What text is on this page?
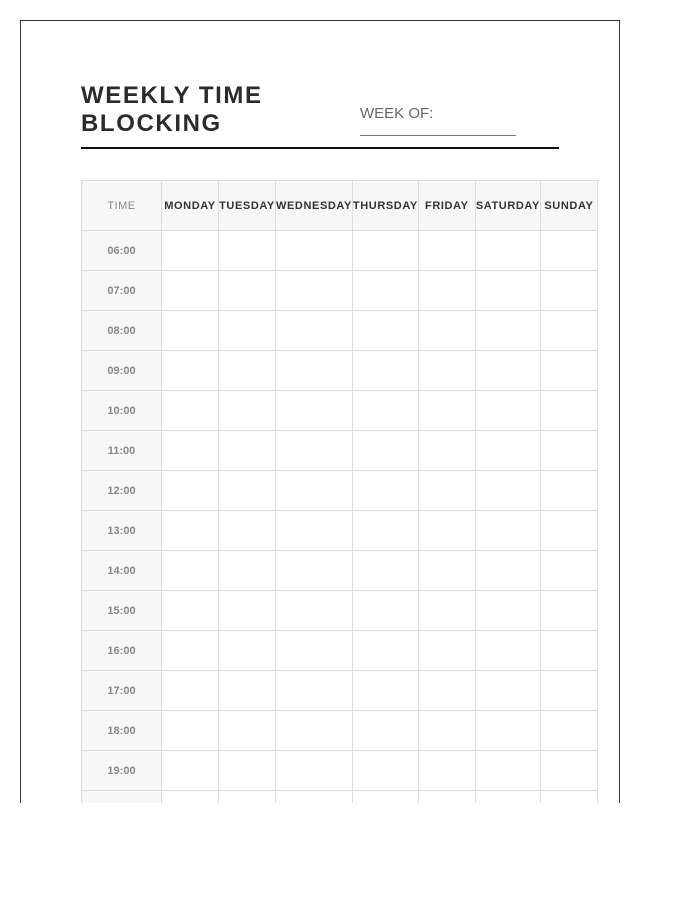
WEEKLY TIME
BLOCKING	WEEK OF:
TIME	MONDAY	TUESDAY	WEDNESDAY	THURSDAY	FRIDAY	SATURDAY	SUNDAY
06:00							
07:00							
08:00							
09:00							
10:00							
11:00							
12:00							
13:00							
14:00							
15:00							
16:00							
17:00							
18:00							
19:00							
